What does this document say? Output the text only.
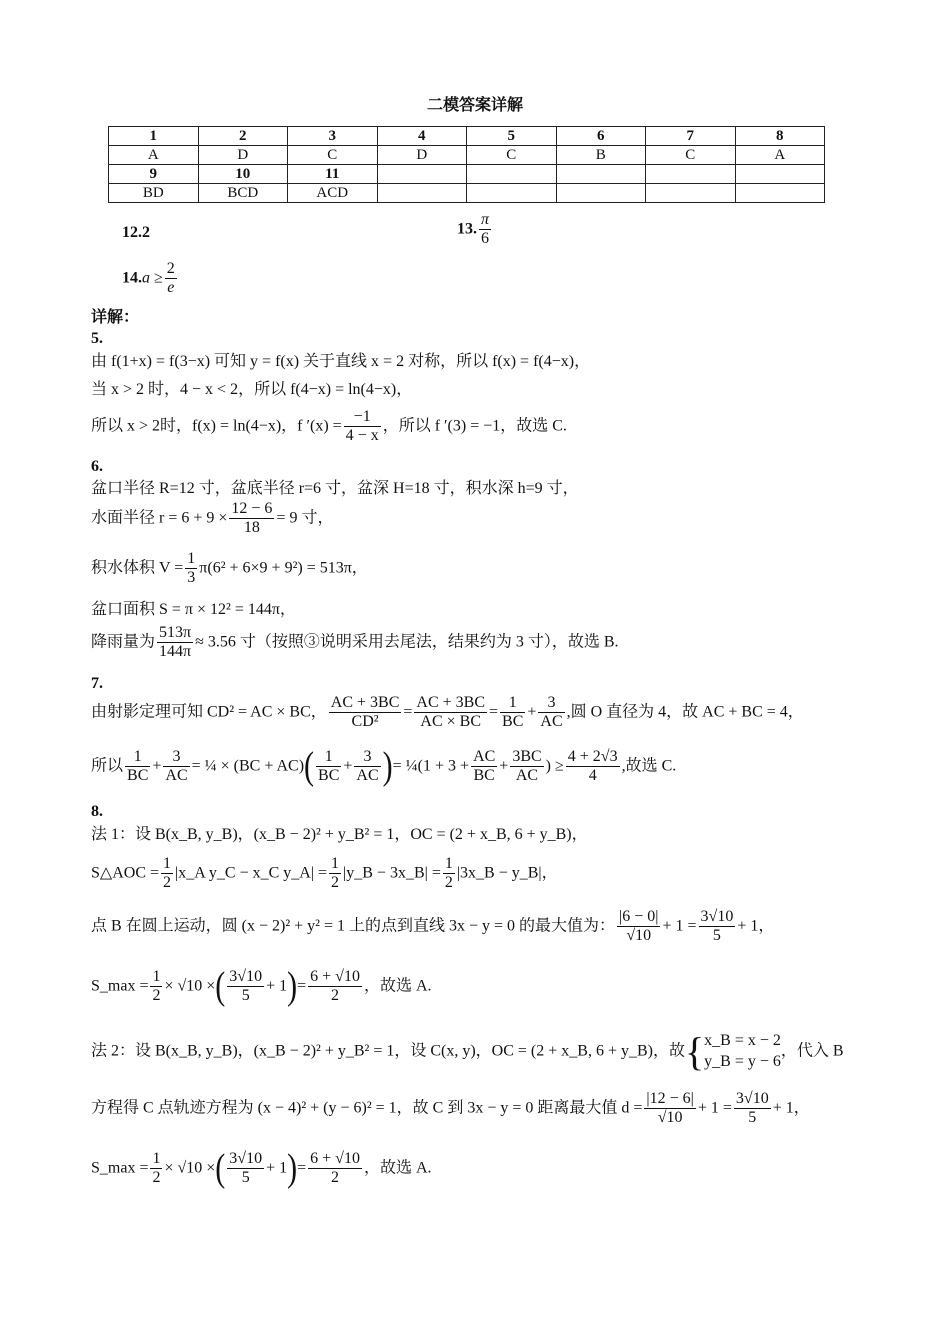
二模答案详解
1	2	3	4	5	6	7	8
A	D	C	D	C	B	C	A
9	10	11					
BD	BCD	ACD					
12.2	13. $\frac{\pi}{6}$
$14.a \ge \frac{2}{e}$
详解：
5.
由 f(1+x) = f(3−x) 可知 y = f(x) 关于直线 x = 2 对称，所以 f(x) = f(4−x)，
当 x > 2 时，4 − x < 2，所以 f(4−x) = ln(4−x)，
所以 x > 2时，f(x) = ln(4−x)，f $'(x) = \frac{-1}{4 - x}$ ，所以 f ′(3) = −1，故选 C.
6.
盆口半径 R=12 寸，盆底半径 r=6 寸，盆深 H=18 寸，积水深 h=9 寸，
水面半径 $r = 6 + 9 \times \frac{12 - 6}{18} = 9$ 寸，
积水体积 $V = \frac{1}{3} \pi(6^2 + 6\times 9 + 9^2) = 513\pi$，
盆口面积 S = π × 12² = 144π，
降雨量为 $\frac{513\pi}{144\pi} \approx 3.56$ 寸（按照③说明采用去尾法，结果约为 3 寸），故选 B.
7.
由射影定理可知 CD² = AC × BC， $\frac{AC + 3BC}{\text{CD²}} = \frac{AC + 3BC}{AC \times BC} = \frac{1}{BC} + \frac{3}{AC}$ ,圆 O 直径为 4，故 AC + BC = 4，
所以 $\frac{1}{BC} + \frac{3}{AC}$ = ¼ × $(BC + AC)( \frac{1}{BC} + \frac{3}{AC}$ )= ¼(1 + $3 + \frac{AC}{BC} + \frac{3BC}{AC}$ ) ≥ $\frac{4 + 2√3}{4}$ ,故选 C.
8.
法 1：设 B(x_B, y_B)，(x_B − 2)² + y_B² = 1，OC = (2 + x_B, 6 + y_B)，
S△AOC = $\frac{1}{2}$ |x_A y_C − x_C y_A| = $\frac{1}{2}$ |y_B − 3x_B| = $\frac{1}{2}$ |3x_B − y_B|，
点 B 在圆上运动，圆 (x − 2)² + y² = 1 上的点到直线 3x − y = 0 的最大值为： $\frac{|6 - 0|}{√10} + 1 = \frac{3√10}{5} + 1$，
S_max = $\frac{1}{2} \times √10$ ×( $\frac{3√10}{5} + 1)= \frac{6 + √10}{2}$ ，故选 A.
法 2：设 B(x_B, y_B)，(x_B − 2)² + y_B² = 1，设 C(x, y)，OC = (2 + x_B, 6 + y_B)，故{ x_B = x − 2
y_B = y − 6
，代入 B
方程得 C 点轨迹方程为 (x − 4)² + (y − 6)² = 1，故 C 到 3x − y = 0 距离最大值 $d = \frac{|12 - 6|}{√10} + 1 = \frac{3√10}{5} + 1$，
S_max = $\frac{1}{2} \times √10$ ×( $\frac{3√10}{5} + 1)= \frac{6 + √10}{2}$ ，故选 A.
